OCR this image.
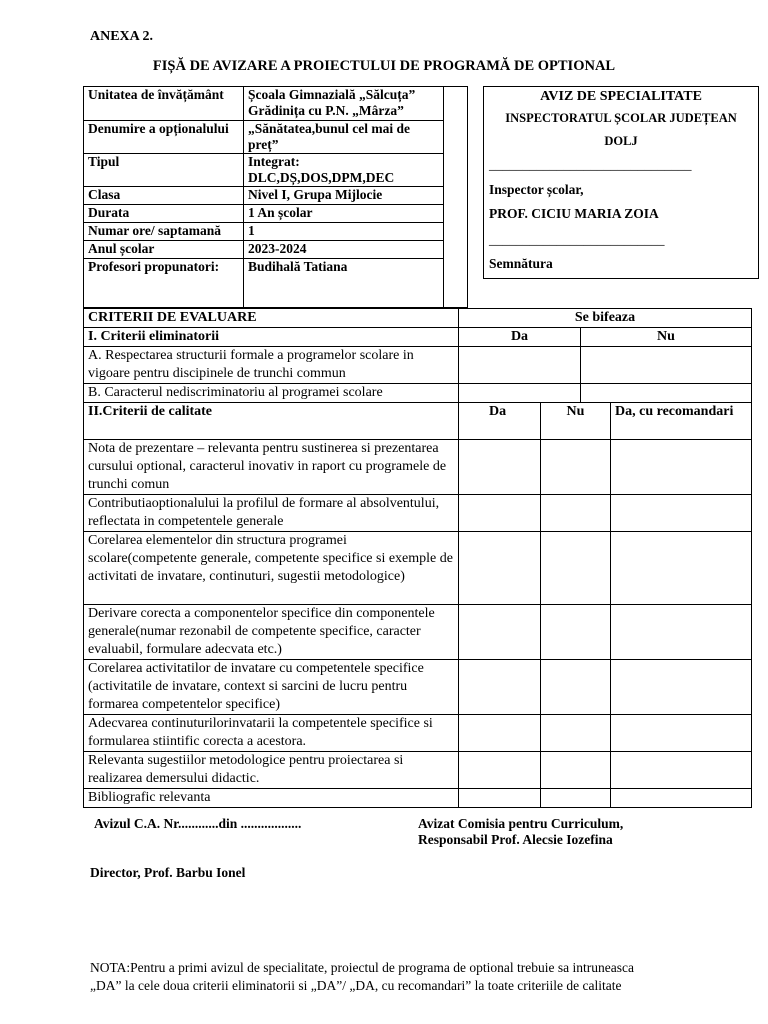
ANEXA 2.
FIȘĂ DE AVIZARE A PROIECTULUI DE PROGRAMĂ DE OPTIONAL
Unitatea de învățământ	Școala Gimnazială „Sălcuța” Grădinița cu P.N. „Mârza”	
Denumire a opționalului	„Sănătatea,bunul cel mai de preț”	
Tipul	Integrat: DLC,DȘ,DOS,DPM,DEC	
Clasa	Nivel I, Grupa Mijlocie	
Durata	1 An școlar	
Numar ore/ saptamană	1	
Anul școlar	2023-2024	
Profesori propunatori:	Budihală Tatiana	
AVIZ DE SPECIALITATE
INSPECTORATUL ȘCOLAR JUDEȚEAN
DOLJ
______________________________
Inspector școlar,
PROF. CICIU MARIA ZOIA
__________________________
Semnătura
CRITERII DE EVALUARE	Se bifeaza			
I. Criterii eliminatorii	Da		Nu	
A. Respectarea structurii formale a programelor scolare in vigoare pentru discipinele de trunchi commun				
B. Caracterul nediscriminatoriu al programei scolare				
II.Criterii de calitate	Da	Nu		Da, cu recomandari
Nota de prezentare – relevanta pentru sustinerea si prezentarea cursului optional, caracterul inovativ in raport cu programele de trunchi comun				
Contributiaoptionalului la profilul de formare al absolventului, reflectata in competentele generale				
Corelarea elementelor din structura programei scolare(competente generale, competente specifice si exemple de activitati de invatare, continuturi, sugestii metodologice)				
Derivare corecta a componentelor specifice din componentele generale(numar rezonabil de competente specifice, caracter evaluabil, formulare adecvata etc.)				
Corelarea activitatilor de invatare cu competentele specifice (activitatile de invatare, context si sarcini de lucru pentru formarea competentelor specifice)				
Adecvarea continuturilorinvatarii la competentele specifice si formularea stiintific corecta a acestora.				
Relevanta sugestiilor metodologice pentru proiectarea si realizarea demersului didactic.				
Bibliografic relevanta				
Avizul C.A. Nr............din ..................	Avizat Comisia pentru Curriculum,
Responsabil Prof. Alecsie Iozefina
Director, Prof. Barbu Ionel
NOTA:Pentru a primi avizul de specialitate, proiectul de programa de optional trebuie sa intruneasca
„DA” la cele doua criterii eliminatorii si „DA”/ „DA, cu recomandari” la toate criteriile de calitate
